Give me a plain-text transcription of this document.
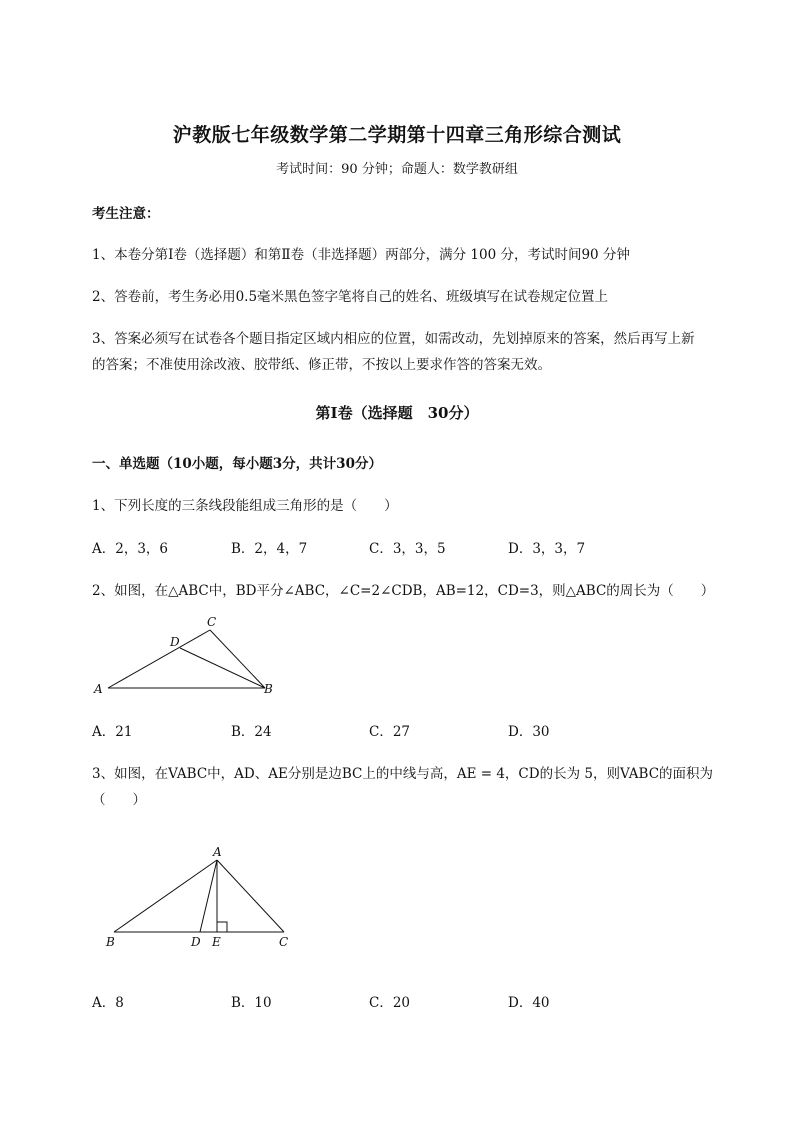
沪教版七年级数学第二学期第十四章三角形综合测试
考试时间：90 分钟；命题人：数学教研组
考生注意：
1、本卷分第Ⅰ卷（选择题）和第Ⅱ卷（非选择题）两部分，满分 100 分，考试时间90 分钟
2、答卷前，考生务必用0.5毫米黑色签字笔将自己的姓名、班级填写在试卷规定位置上
3、答案必须写在试卷各个题目指定区域内相应的位置，如需改动，先划掉原来的答案，然后再写上新
的答案；不准使用涂改液、胶带纸、修正带，不按以上要求作答的答案无效。
第Ⅰ卷（选择题　30分）
一、单选题（10小题，每小题3分，共计30分）
1、下列长度的三条线段能组成三角形的是（　　）
A．2，3，6	B．2，4，7	C．3，3，5	D．3，3，7
2、如图，在△ABC中，BD平分∠ABC，∠C=2∠CDB，AB=12，CD=3，则△ABC的周长为（　　）
A	B
C
D
A．21	B．24	C．27	D．30
3、如图，在VABC中，AD、AE分别是边BC上的中线与高，AE = 4，CD的长为 5，则VABC的面积为
（　　）
A
B	C
D E
A．8	B．10	C．20	D．40
